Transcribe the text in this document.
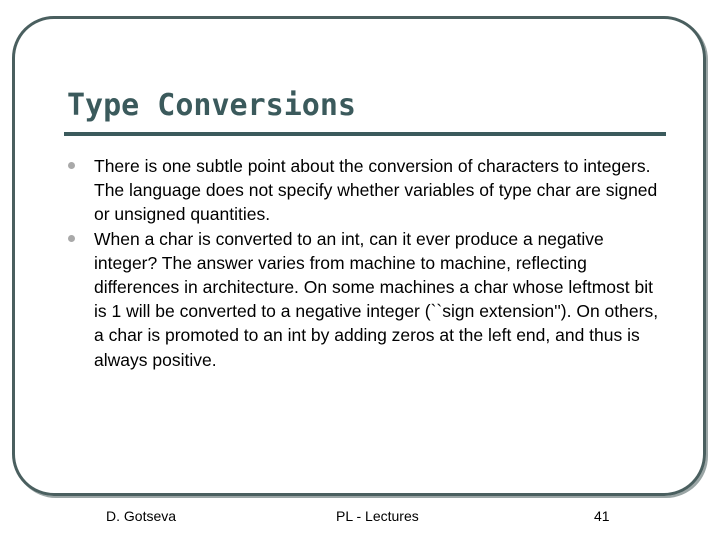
Type Conversions
There is one subtle point about the conversion of characters to integers. The language does not specify whether variables of type char are signed or unsigned quantities.
When a char is converted to an int, can it ever produce a negative integer? The answer varies from machine to machine, reflecting differences in architecture. On some machines a char whose leftmost bit is 1 will be converted to a negative integer (``sign extension''). On others, a char is promoted to an int by adding zeros at the left end, and thus is always positive.
D. Gotseva	PL - Lectures	41
